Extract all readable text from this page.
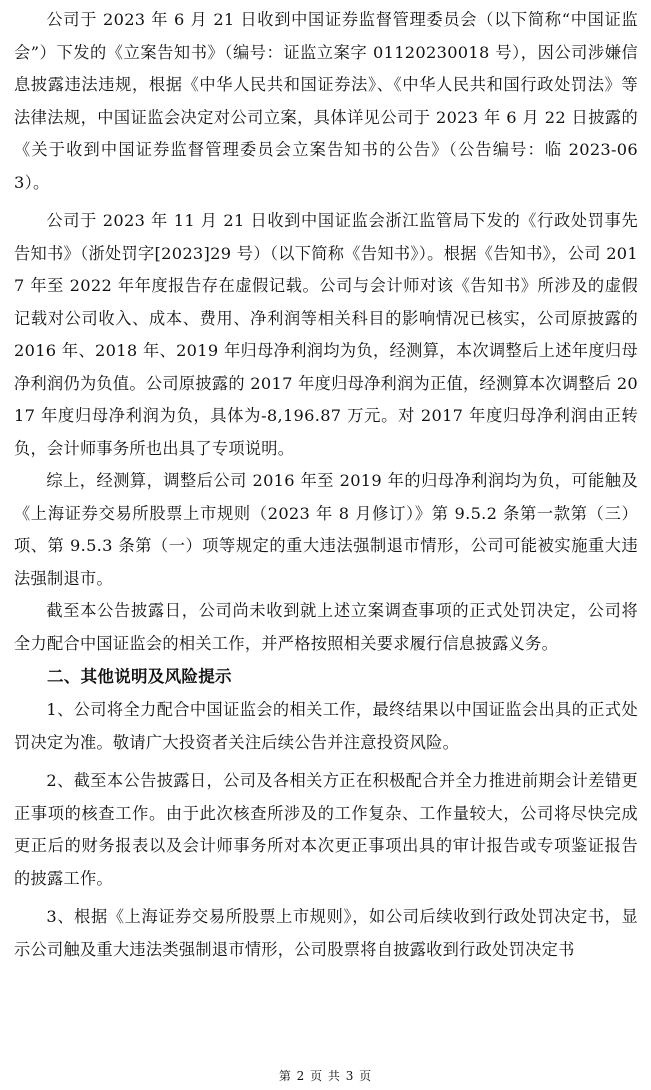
公司于 2023 年 6 月 21 日收到中国证券监督管理委员会（以下简称“中国证监会”）下发的《立案告知书》（编号：证监立案字 01120230018 号），因公司涉嫌信息披露违法违规，根据《中华人民共和国证券法》、《中华人民共和国行政处罚法》等法律法规，中国证监会决定对公司立案，具体详见公司于 2023 年 6 月 22 日披露的《关于收到中国证券监督管理委员会立案告知书的公告》（公告编号：临 2023-063）。

公司于 2023 年 11 月 21 日收到中国证监会浙江监管局下发的《行政处罚事先告知书》（浙处罚字[2023]29 号）（以下简称《告知书》）。根据《告知书》，公司 2017 年至 2022 年年度报告存在虚假记载。公司与会计师对该《告知书》所涉及的虚假记载对公司收入、成本、费用、净利润等相关科目的影响情况已核实，公司原披露的 2016 年、2018 年、2019 年归母净利润均为负，经测算，本次调整后上述年度归母净利润仍为负值。公司原披露的 2017 年度归母净利润为正值，经测算本次调整后 2017 年度归母净利润为负，具体为-8,196.87 万元。对 2017 年度归母净利润由正转负，会计师事务所也出具了专项说明。

综上，经测算，调整后公司 2016 年至 2019 年的归母净利润均为负，可能触及《上海证券交易所股票上市规则（2023 年 8 月修订）》第 9.5.2 条第一款第（三）项、第 9.5.3 条第（一）项等规定的重大违法强制退市情形，公司可能被实施重大违法强制退市。

截至本公告披露日，公司尚未收到就上述立案调查事项的正式处罚决定，公司将全力配合中国证监会的相关工作，并严格按照相关要求履行信息披露义务。

二、其他说明及风险提示

1、公司将全力配合中国证监会的相关工作，最终结果以中国证监会出具的正式处罚决定为准。敬请广大投资者关注后续公告并注意投资风险。

2、截至本公告披露日，公司及各相关方正在积极配合并全力推进前期会计差错更正事项的核查工作。由于此次核查所涉及的工作复杂、工作量较大，公司将尽快完成更正后的财务报表以及会计师事务所对本次更正事项出具的审计报告或专项鉴证报告的披露工作。

3、根据《上海证券交易所股票上市规则》，如公司后续收到行政处罚决定书，显示公司触及重大违法类强制退市情形，公司股票将自披露收到行政处罚决定书

第 2 页 共 3 页
